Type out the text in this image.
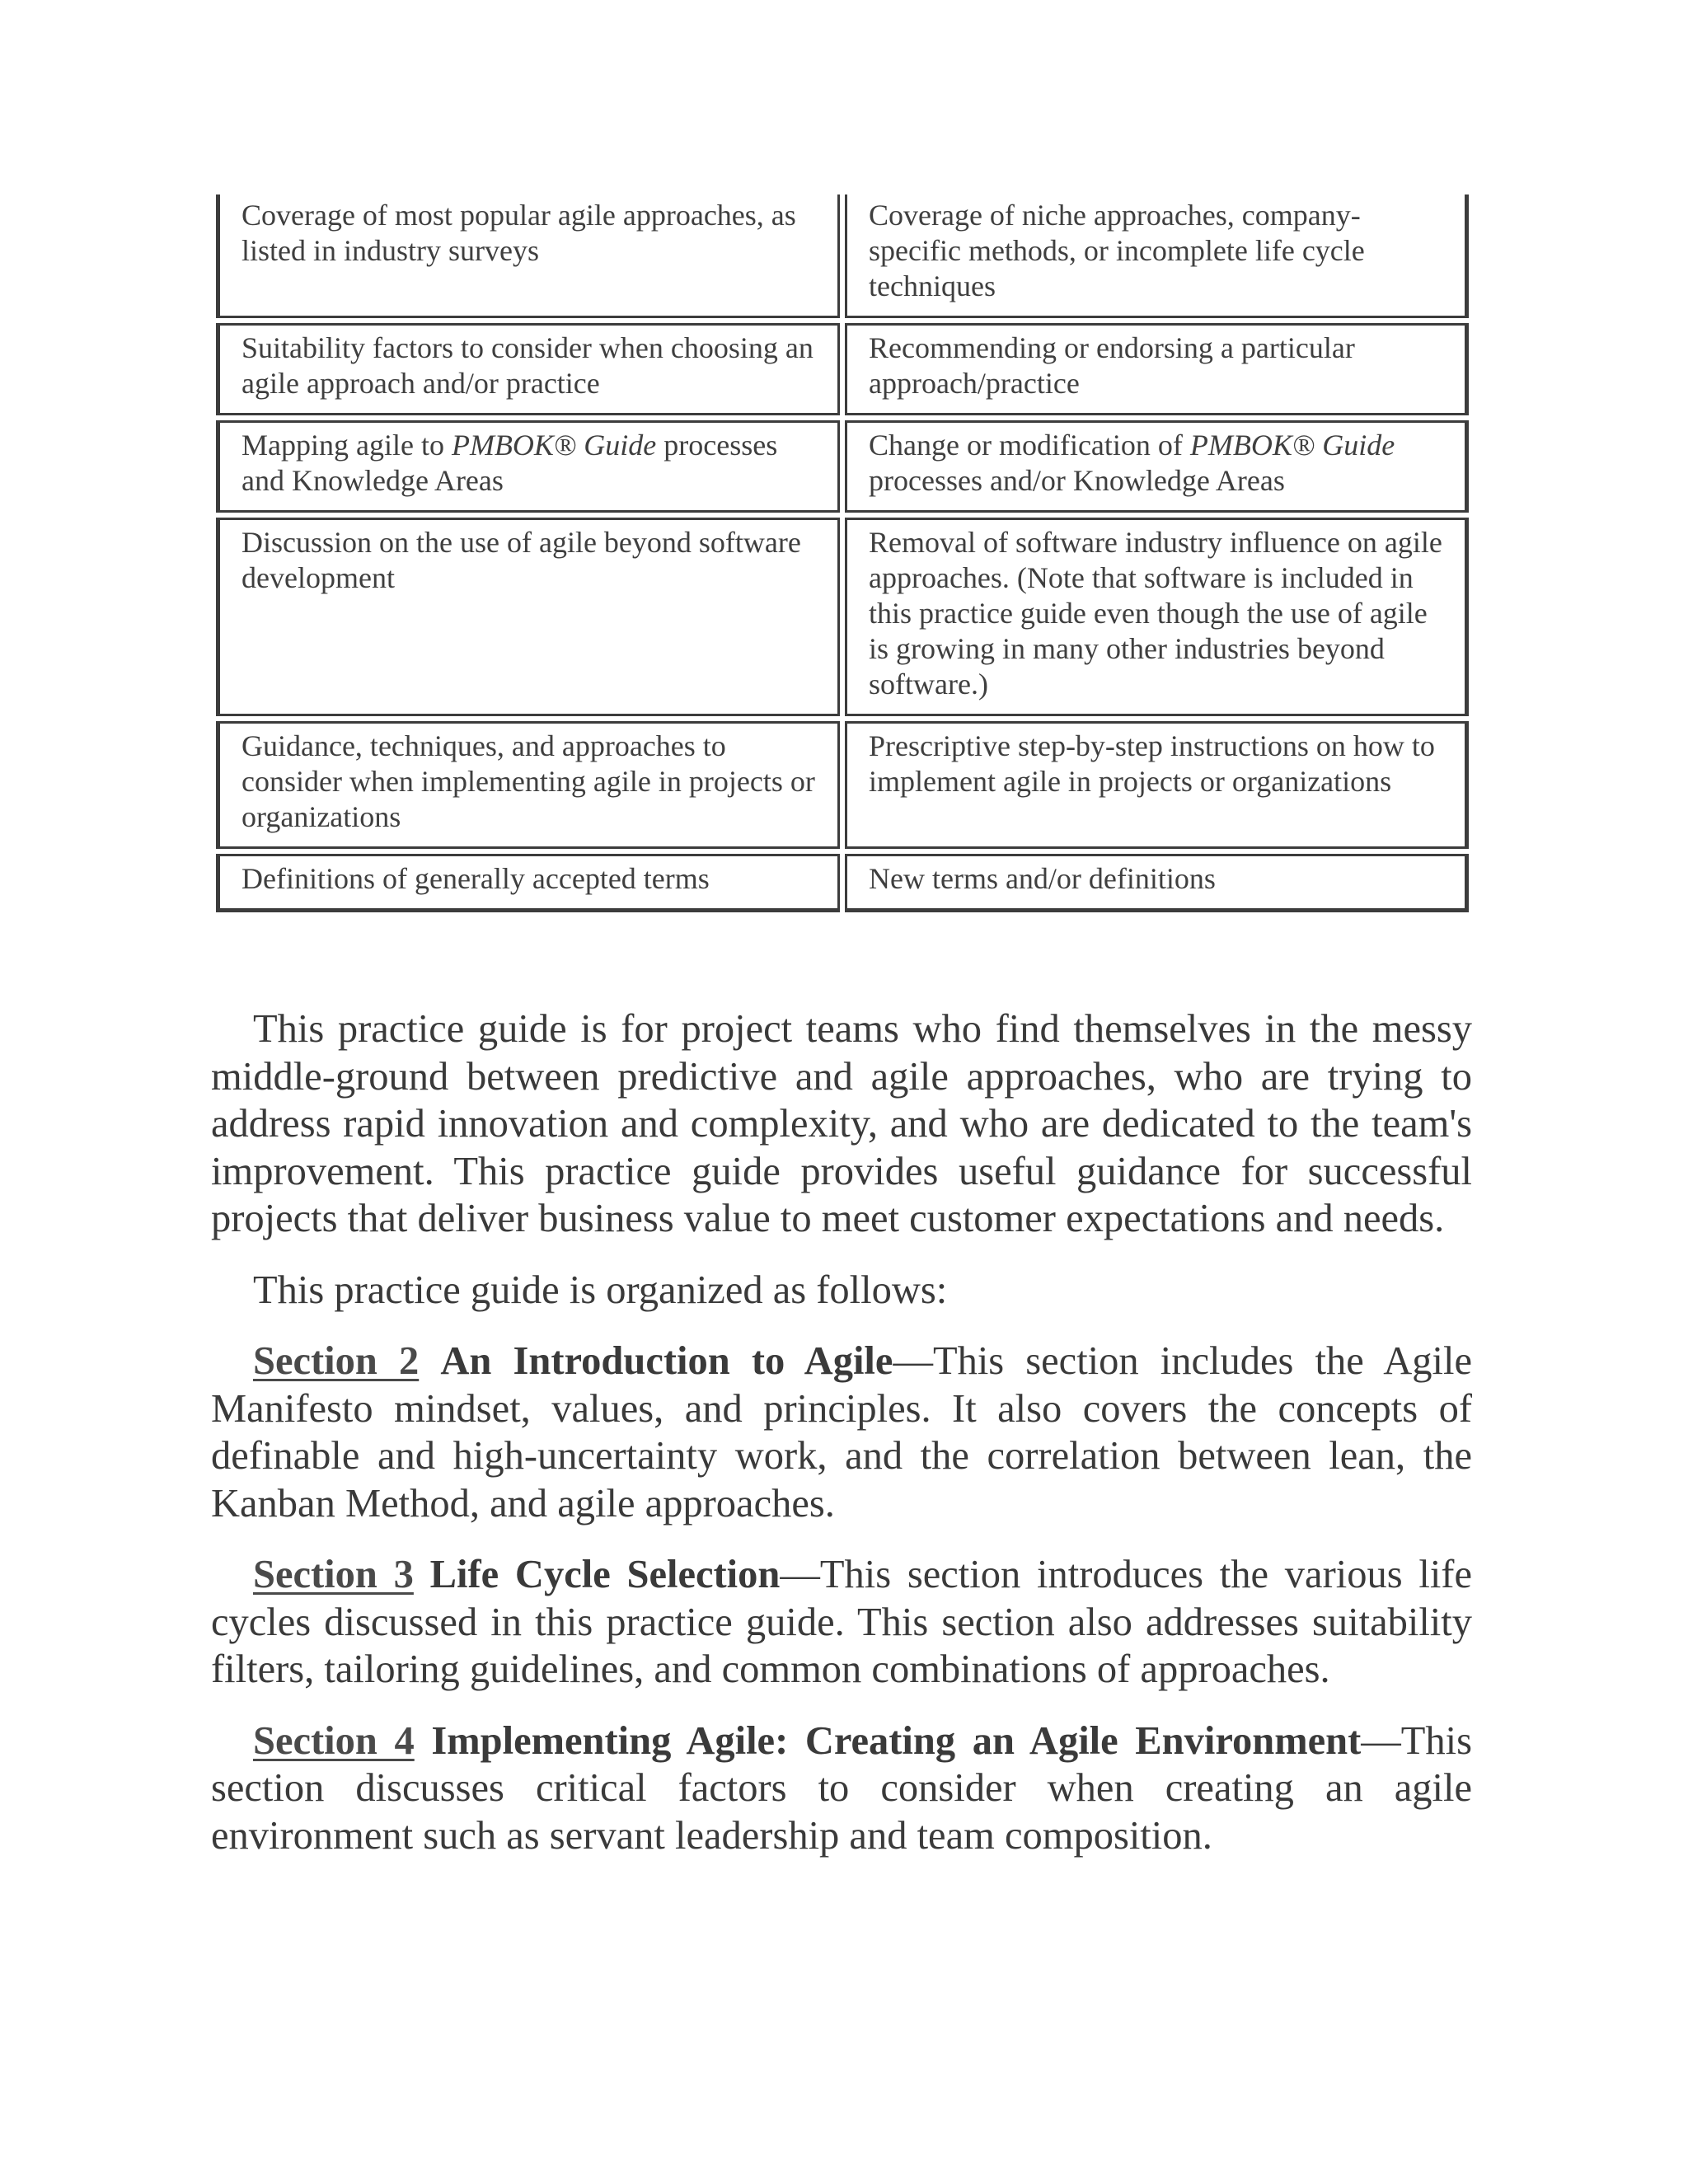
Coverage of most popular agile approaches, as listed in industry surveys
Coverage of niche approaches, company-specific methods, or incomplete life cycle techniques
Suitability factors to consider when choosing an agile approach and/or practice
Recommending or endorsing a particular approach/practice
Mapping agile to PMBOK® Guide processes and Knowledge Areas
Change or modification of PMBOK® Guide processes and/or Knowledge Areas
Discussion on the use of agile beyond software development
Removal of software industry influence on agile approaches. (Note that software is included in this practice guide even though the use of agile is growing in many other industries beyond software.)
Guidance, techniques, and approaches to consider when implementing agile in projects or organizations
Prescriptive step-by-step instructions on how to implement agile in projects or organizations
Definitions of generally accepted terms	New terms and/or definitions

This practice guide is for project teams who find themselves in the messy middle-ground between predictive and agile approaches, who are trying to address rapid innovation and complexity, and who are dedicated to the team's improvement. This practice guide provides useful guidance for successful projects that deliver business value to meet customer expectations and needs.

This practice guide is organized as follows:

Section 2 An Introduction to Agile—This section includes the Agile Manifesto mindset, values, and principles. It also covers the concepts of definable and high-uncertainty work, and the correlation between lean, the Kanban Method, and agile approaches.

Section 3 Life Cycle Selection—This section introduces the various life cycles discussed in this practice guide. This section also addresses suitability filters, tailoring guidelines, and common combinations of approaches.

Section 4 Implementing Agile: Creating an Agile Environment—This section discusses critical factors to consider when creating an agile environment such as servant leadership and team composition.
